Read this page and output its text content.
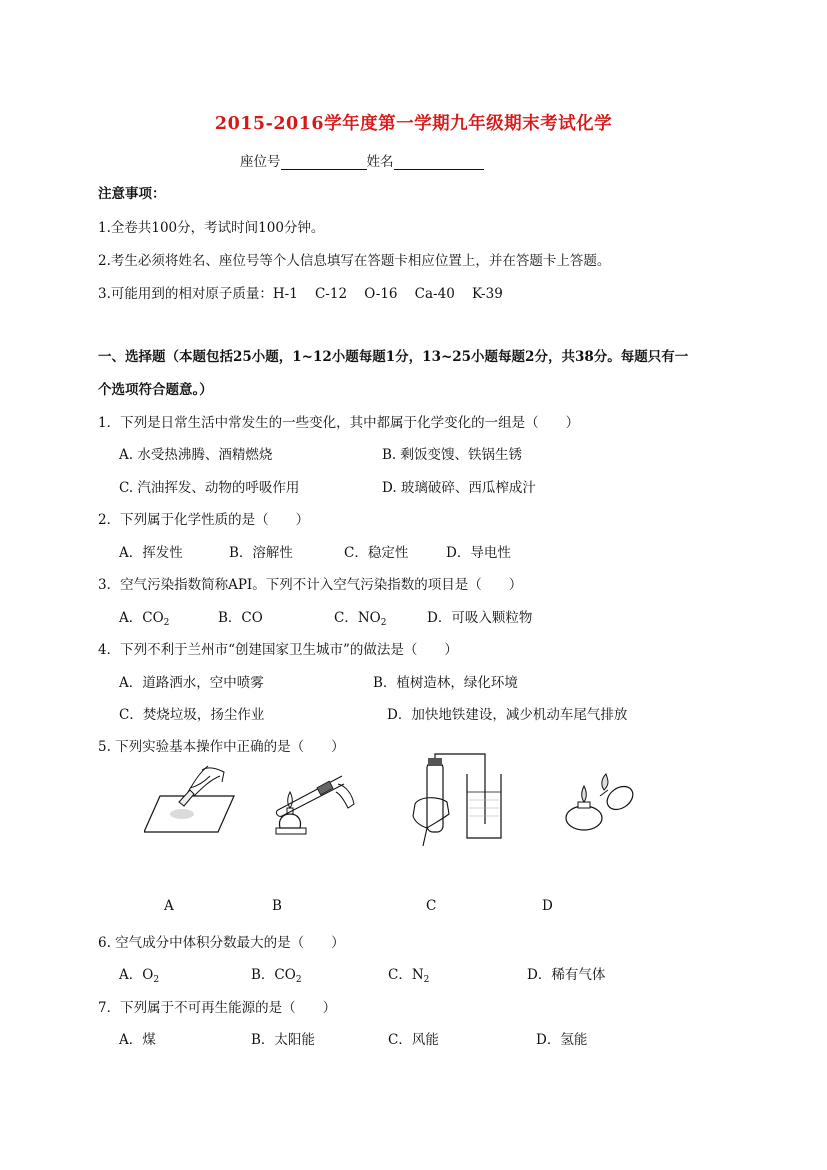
2015-2016学年度第一学期九年级期末考试化学
座位号	姓名
注意事项：
1.全卷共100分，考试时间100分钟。
2.考生必须将姓名、座位号等个人信息填写在答题卡相应位置上，并在答题卡上答题。
3.可能用到的相对原子质量：H-1    C-12    O-16    Ca-40    K-39
一、选择题（本题包括25小题，1~12小题每题1分，13~25小题每题2分，共38分。每题只有一
个选项符合题意。）
1．下列是日常生活中常发生的一些变化，其中都属于化学变化的一组是（　　）
A. 水受热沸腾、酒精燃烧	B. 剩饭变馊、铁锅生锈
C. 汽油挥发、动物的呼吸作用	D. 玻璃破碎、西瓜榨成汁
2．下列属于化学性质的是（　　）
A．挥发性	B．溶解性	C．稳定性	D．导电性
3．空气污染指数简称API。下列不计入空气污染指数的项目是（　　）
A．$CO_2$	B．CO	C．$NO_2$	D．可吸入颗粒物
4．下列不利于兰州市“创建国家卫生城市”的做法是（　　）
A．道路洒水，空中喷雾	B．植树造林，绿化环境
C．焚烧垃圾，扬尘作业	D．加快地铁建设，减少机动车尾气排放
5. 下列实验基本操作中正确的是（　　）
A	B	C	D
6. 空气成分中体积分数最大的是（　　）
A．$O_2$	B．$CO_2$	C．$N_2$	D．稀有气体
7．下列属于不可再生能源的是（　　）
A．煤	B．太阳能	C．风能	D．氢能
